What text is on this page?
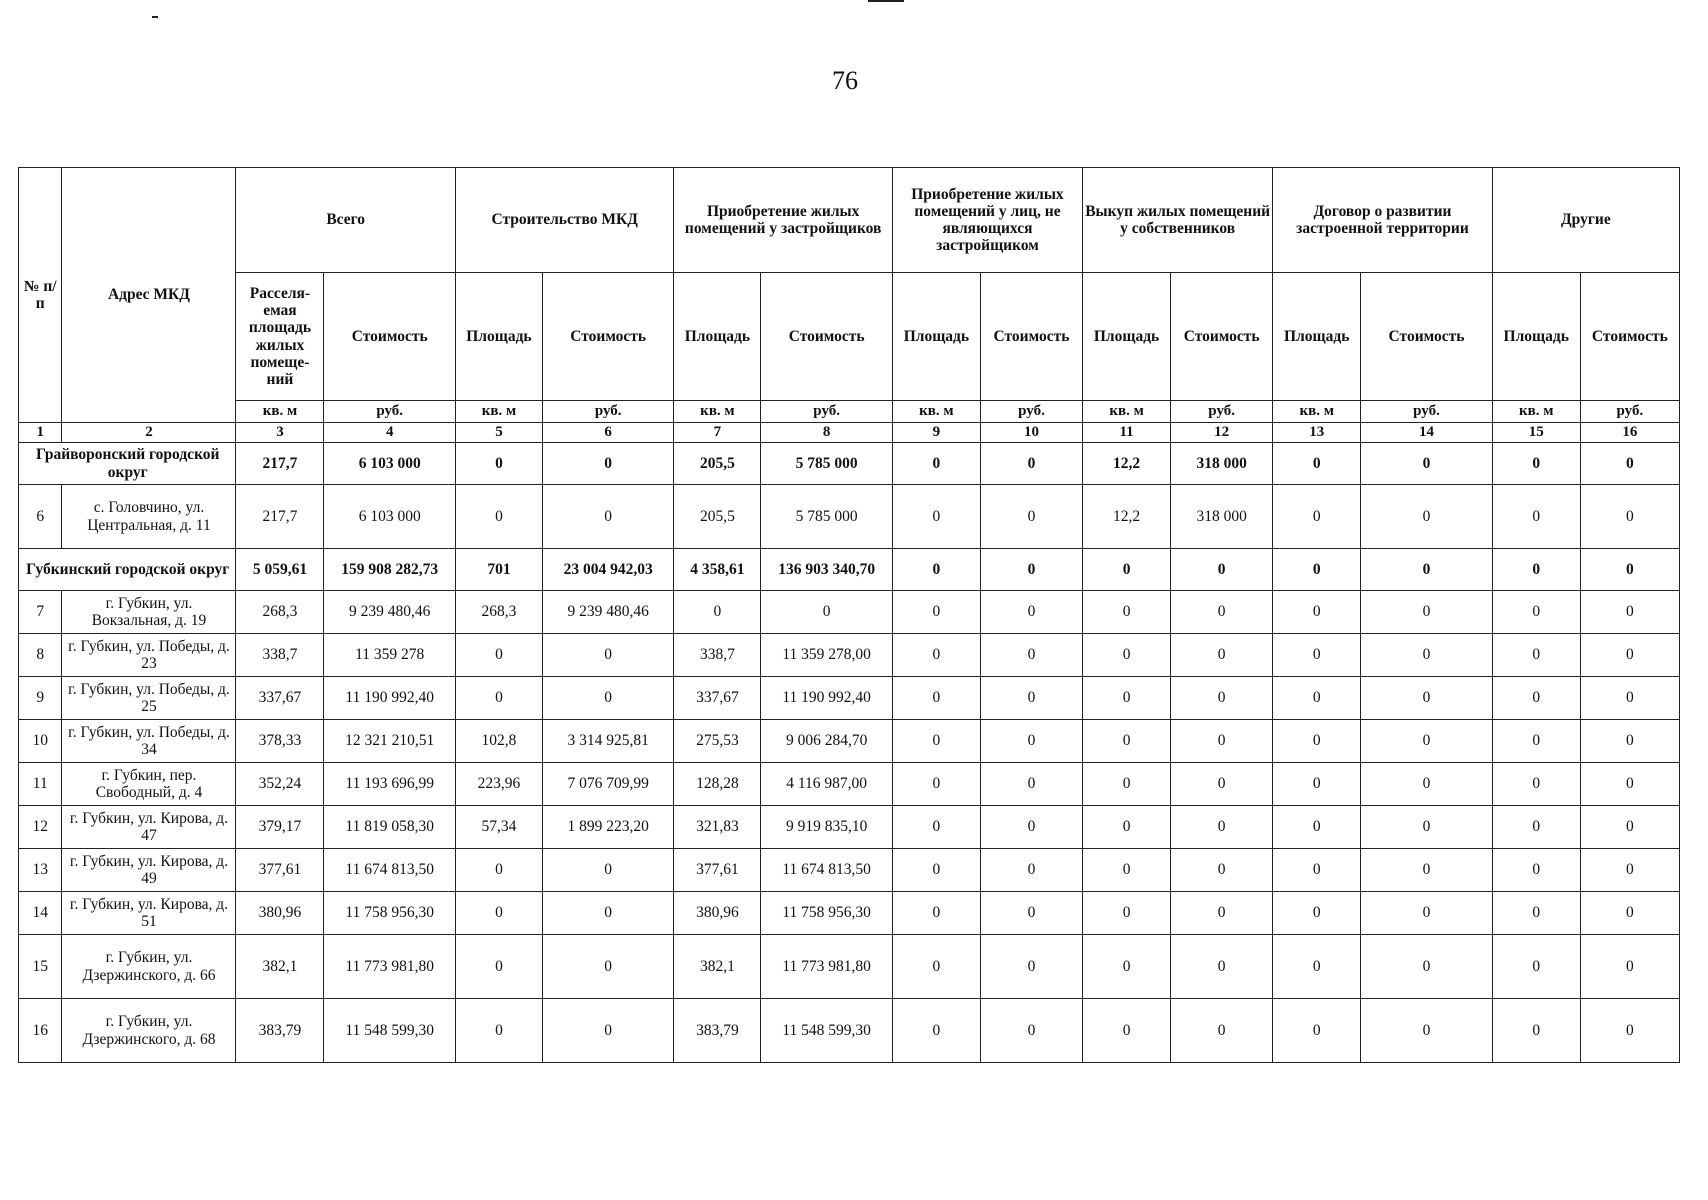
76
№ п/п	Адрес МКД	Всего		Строительство МКД		Приобретение жилых помещений у застройщиков		Приобретение жилых помещений у лиц, не являющихся застройщиком		Выкуп жилых помещений у собственников		Договор о развитии застроенной территории		Другие	
		Расселя-емая площадь жилых помеще-ний	Стоимость	Площадь	Стоимость	Площадь	Стоимость	Площадь	Стоимость	Площадь	Стоимость	Площадь	Стоимость	Площадь	Стоимость
		кв. м	руб.	кв. м	руб.	кв. м	руб.	кв. м	руб.	кв. м	руб.	кв. м	руб.	кв. м	руб.
1	2	3	4	5	6	7	8	9	10	11	12	13	14	15	16
Грайворонский городской округ		217,7	6 103 000	0	0	205,5	5 785 000	0	0	12,2	318 000	0	0	0	0
6	с. Головчино, ул. Центральная, д. 11	217,7	6 103 000	0	0	205,5	5 785 000	0	0	12,2	318 000	0	0	0	0
Губкинский городской округ		5 059,61	159 908 282,73	701	23 004 942,03	4 358,61	136 903 340,70	0	0	0	0	0	0	0	0
7	г. Губкин, ул. Вокзальная, д. 19	268,3	9 239 480,46	268,3	9 239 480,46	0	0	0	0	0	0	0	0	0	0
8	г. Губкин, ул. Победы, д. 23	338,7	11 359 278	0	0	338,7	11 359 278,00	0	0	0	0	0	0	0	0
9	г. Губкин, ул. Победы, д. 25	337,67	11 190 992,40	0	0	337,67	11 190 992,40	0	0	0	0	0	0	0	0
10	г. Губкин, ул. Победы, д. 34	378,33	12 321 210,51	102,8	3 314 925,81	275,53	9 006 284,70	0	0	0	0	0	0	0	0
11	г. Губкин, пер. Свободный, д. 4	352,24	11 193 696,99	223,96	7 076 709,99	128,28	4 116 987,00	0	0	0	0	0	0	0	0
12	г. Губкин, ул. Кирова, д. 47	379,17	11 819 058,30	57,34	1 899 223,20	321,83	9 919 835,10	0	0	0	0	0	0	0	0
13	г. Губкин, ул. Кирова, д. 49	377,61	11 674 813,50	0	0	377,61	11 674 813,50	0	0	0	0	0	0	0	0
14	г. Губкин, ул. Кирова, д. 51	380,96	11 758 956,30	0	0	380,96	11 758 956,30	0	0	0	0	0	0	0	0
15	г. Губкин, ул. Дзержинского, д. 66	382,1	11 773 981,80	0	0	382,1	11 773 981,80	0	0	0	0	0	0	0	0
16	г. Губкин, ул. Дзержинского, д. 68	383,79	11 548 599,30	0	0	383,79	11 548 599,30	0	0	0	0	0	0	0	0
